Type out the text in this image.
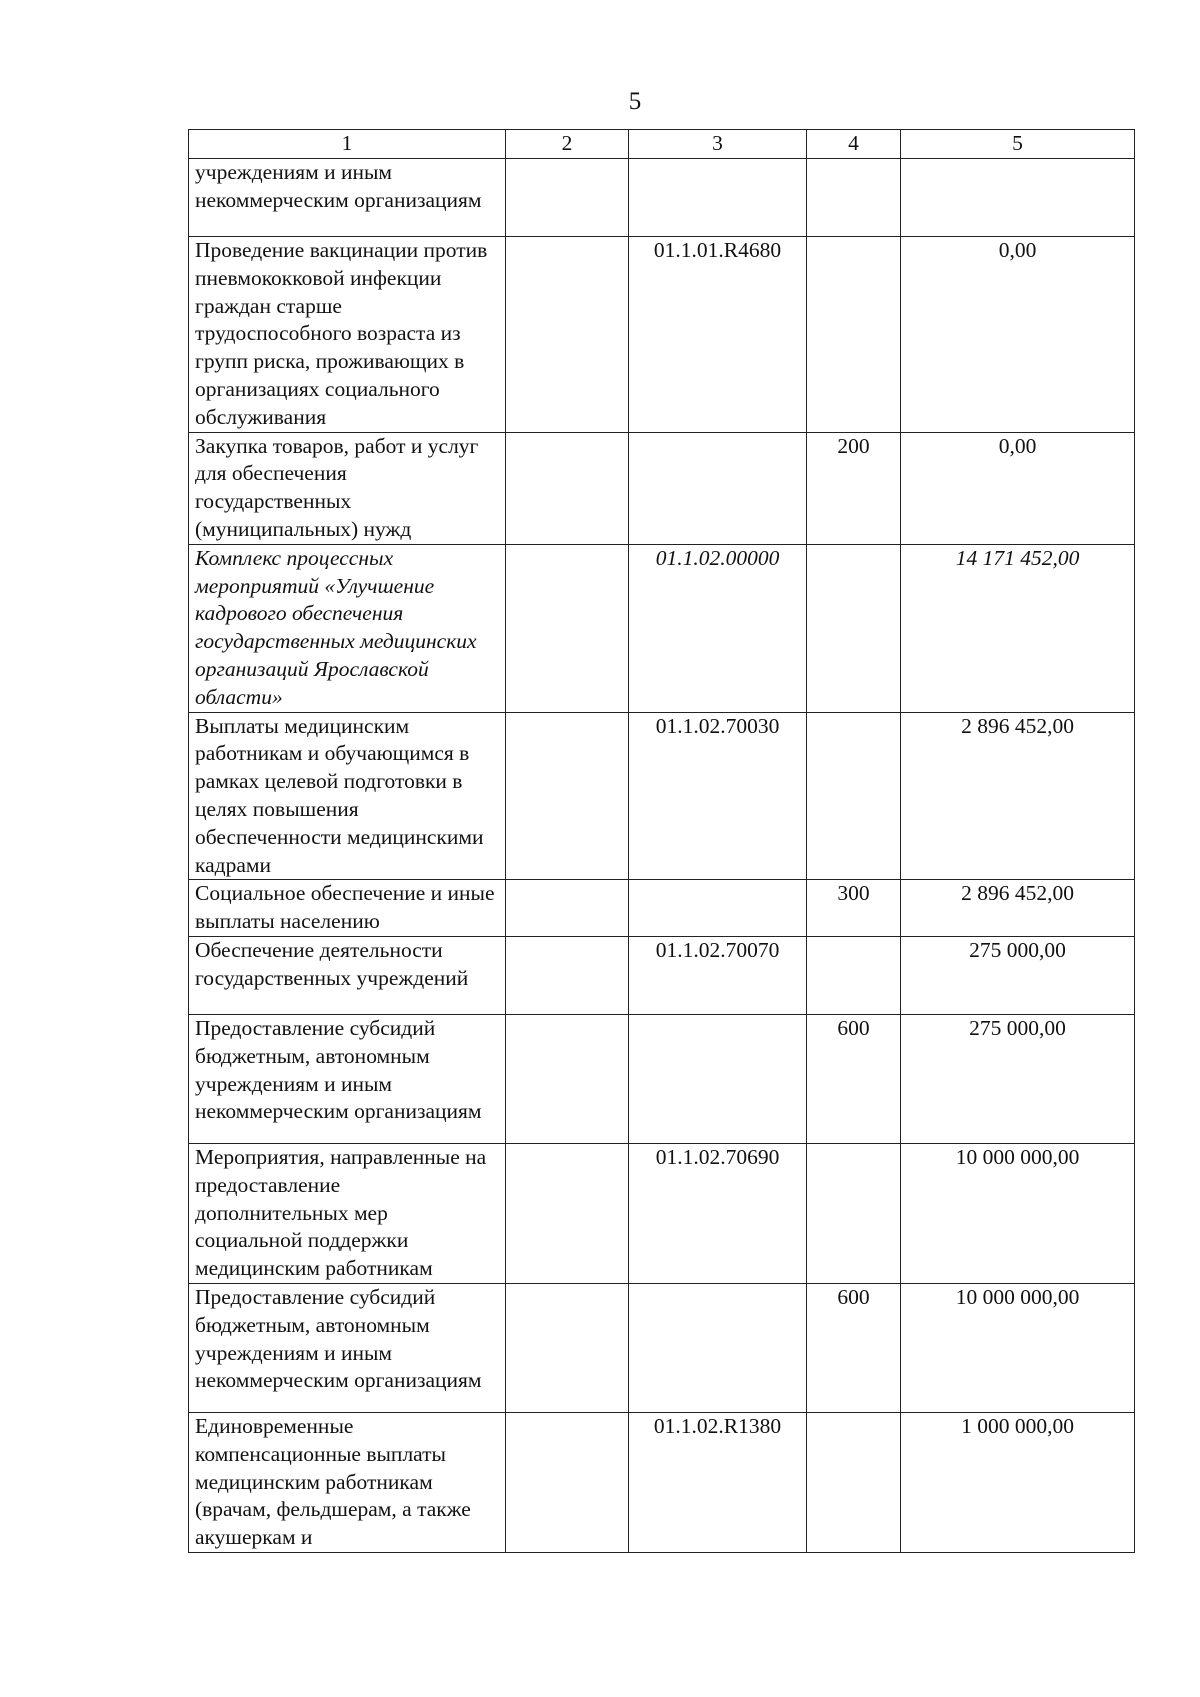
5
1	2	3	4	5
учреждениям и иным некоммерческим организациям				
Проведение вакцинации против пневмококковой инфекции граждан старше трудоспособного возраста из групп риска, проживающих в организациях социального обслуживания		01.1.01.R4680		0,00
Закупка товаров, работ и услуг для обеспечения государственных (муниципальных) нужд			200	0,00
Комплекс процессных мероприятий «Улучшение кадрового обеспечения государственных медицинских организаций Ярославской области»		01.1.02.00000		14 171 452,00
Выплаты медицинским работникам и обучающимся в рамках целевой подготовки в целях повышения обеспеченности медицинскими кадрами		01.1.02.70030		2 896 452,00
Социальное обеспечение и иные выплаты населению			300	2 896 452,00
Обеспечение деятельности государственных учреждений		01.1.02.70070		275 000,00
Предоставление субсидий бюджетным, автономным учреждениям и иным некоммерческим организациям			600	275 000,00
Мероприятия, направленные на предоставление дополнительных мер социальной поддержки медицинским работникам		01.1.02.70690		10 000 000,00
Предоставление субсидий бюджетным, автономным учреждениям и иным некоммерческим организациям			600	10 000 000,00
Единовременные компенсационные выплаты медицинским работникам (врачам, фельдшерам, а также акушеркам и		01.1.02.R1380		1 000 000,00
